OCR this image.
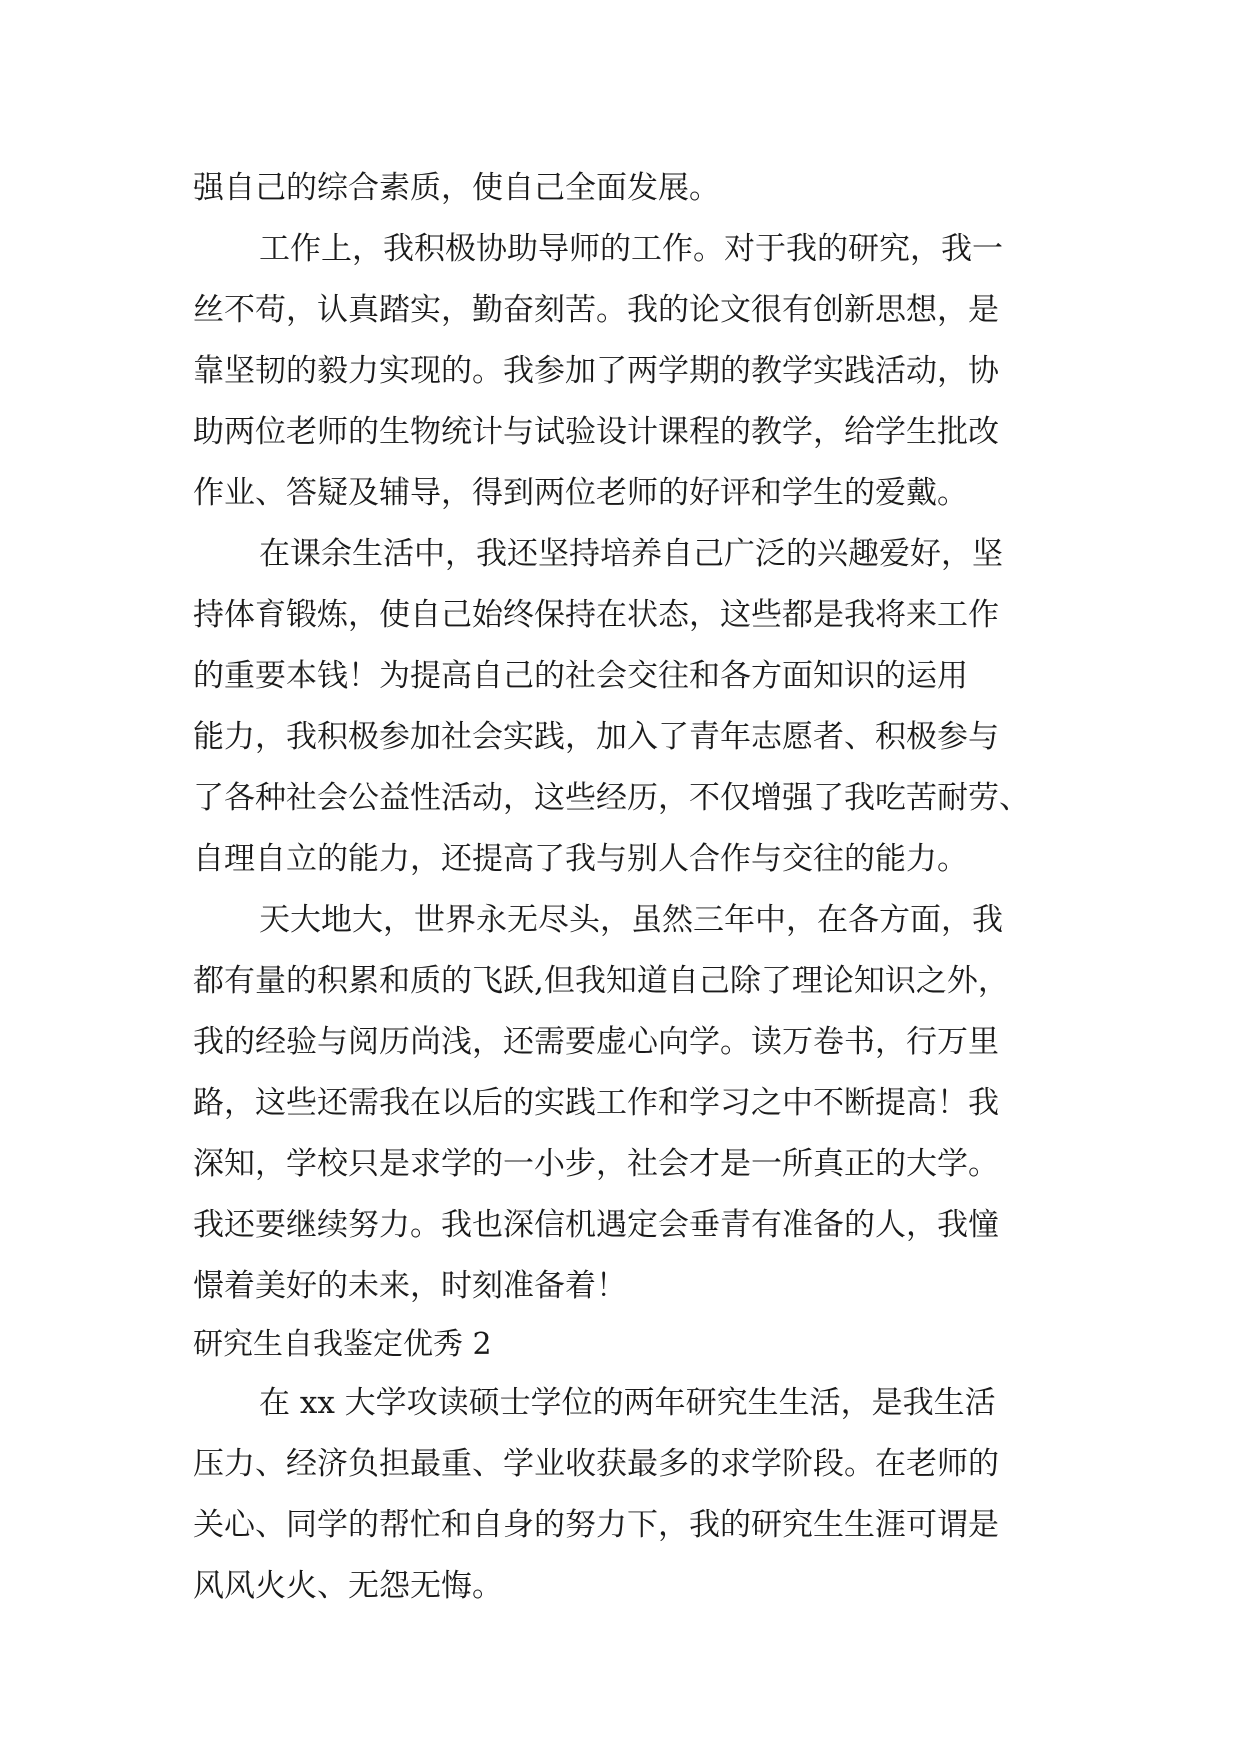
强自己的综合素质，使自己全面发展。
工作上，我积极协助导师的工作。对于我的研究，我一
丝不苟，认真踏实，勤奋刻苦。我的论文很有创新思想，是
靠坚韧的毅力实现的。我参加了两学期的教学实践活动，协
助两位老师的生物统计与试验设计课程的教学，给学生批改
作业、答疑及辅导，得到两位老师的好评和学生的爱戴。
在课余生活中，我还坚持培养自己广泛的兴趣爱好，坚
持体育锻炼，使自己始终保持在状态，这些都是我将来工作
的重要本钱！为提高自己的社会交往和各方面知识的运用
能力，我积极参加社会实践，加入了青年志愿者、积极参与
了各种社会公益性活动，这些经历，不仅增强了我吃苦耐劳、
自理自立的能力，还提高了我与别人合作与交往的能力。
天大地大，世界永无尽头，虽然三年中，在各方面，我
都有量的积累和质的飞跃,但我知道自己除了理论知识之外，
我的经验与阅历尚浅，还需要虚心向学。读万卷书，行万里
路，这些还需我在以后的实践工作和学习之中不断提高！我
深知，学校只是求学的一小步，社会才是一所真正的大学。
我还要继续努力。我也深信机遇定会垂青有准备的人，我憧
憬着美好的未来，时刻准备着！
研究生自我鉴定优秀 2
在 xx 大学攻读硕士学位的两年研究生生活，是我生活
压力、经济负担最重、学业收获最多的求学阶段。在老师的
关心、同学的帮忙和自身的努力下，我的研究生生涯可谓是
风风火火、无怨无悔。
